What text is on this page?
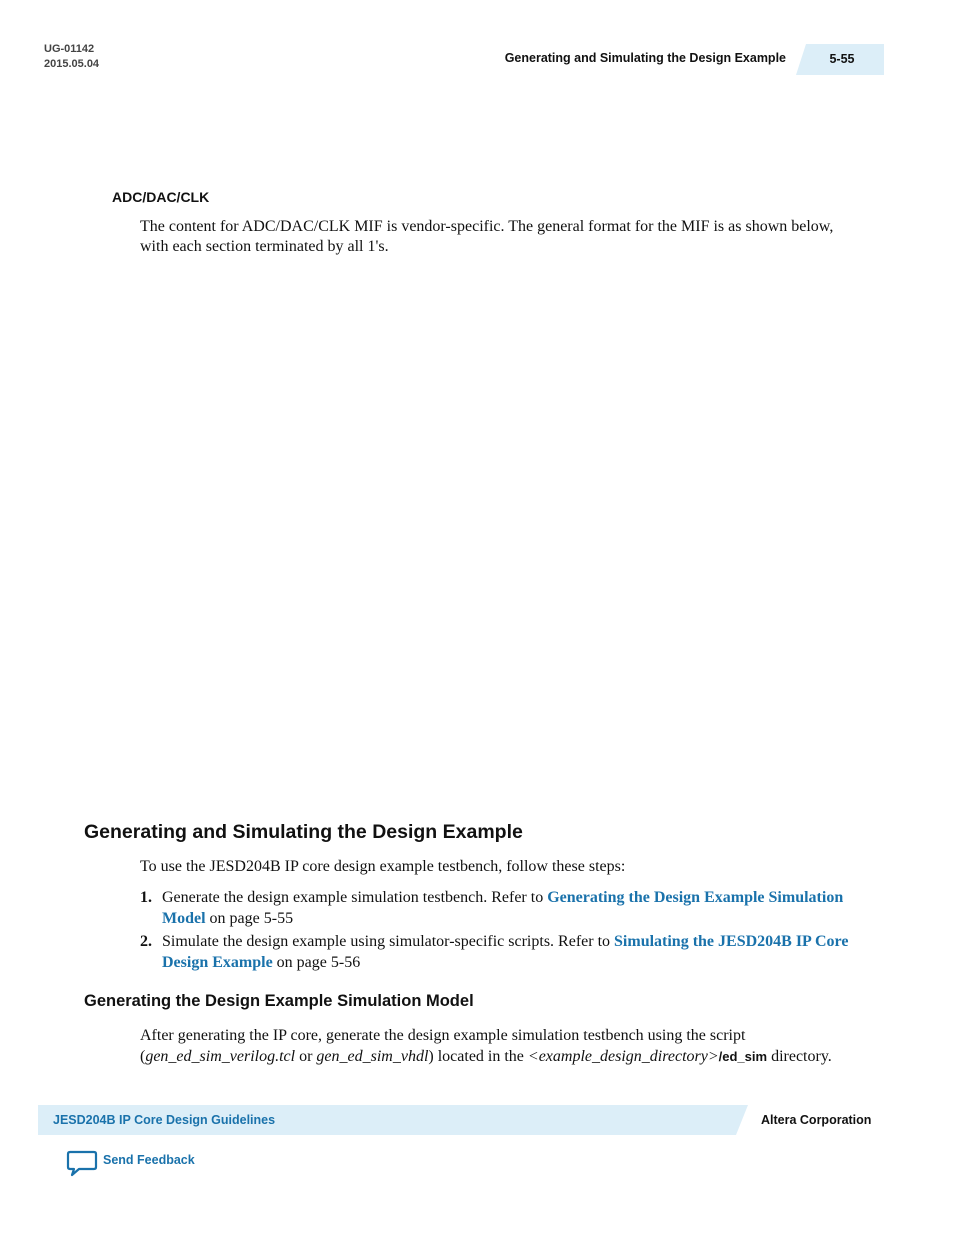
UG-01142
2015.05.04	Generating and Simulating the Design Example	5-55
ADC/DAC/CLK
The content for ADC/DAC/CLK MIF is vendor-specific. The general format for the MIF is as shown below, with each section terminated by all 1's.
Generating and Simulating the Design Example
To use the JESD204B IP core design example testbench, follow these steps:
1. Generate the design example simulation testbench. Refer to Generating the Design Example Simulation Model on page 5-55
2. Simulate the design example using simulator-specific scripts. Refer to Simulating the JESD204B IP Core Design Example on page 5-56
Generating the Design Example Simulation Model
After generating the IP core, generate the design example simulation testbench using the script (gen_ed_sim_verilog.tcl or gen_ed_sim_vhdl) located in the <example_design_directory>/ed_sim directory.
JESD204B IP Core Design Guidelines	Altera Corporation
Send Feedback
